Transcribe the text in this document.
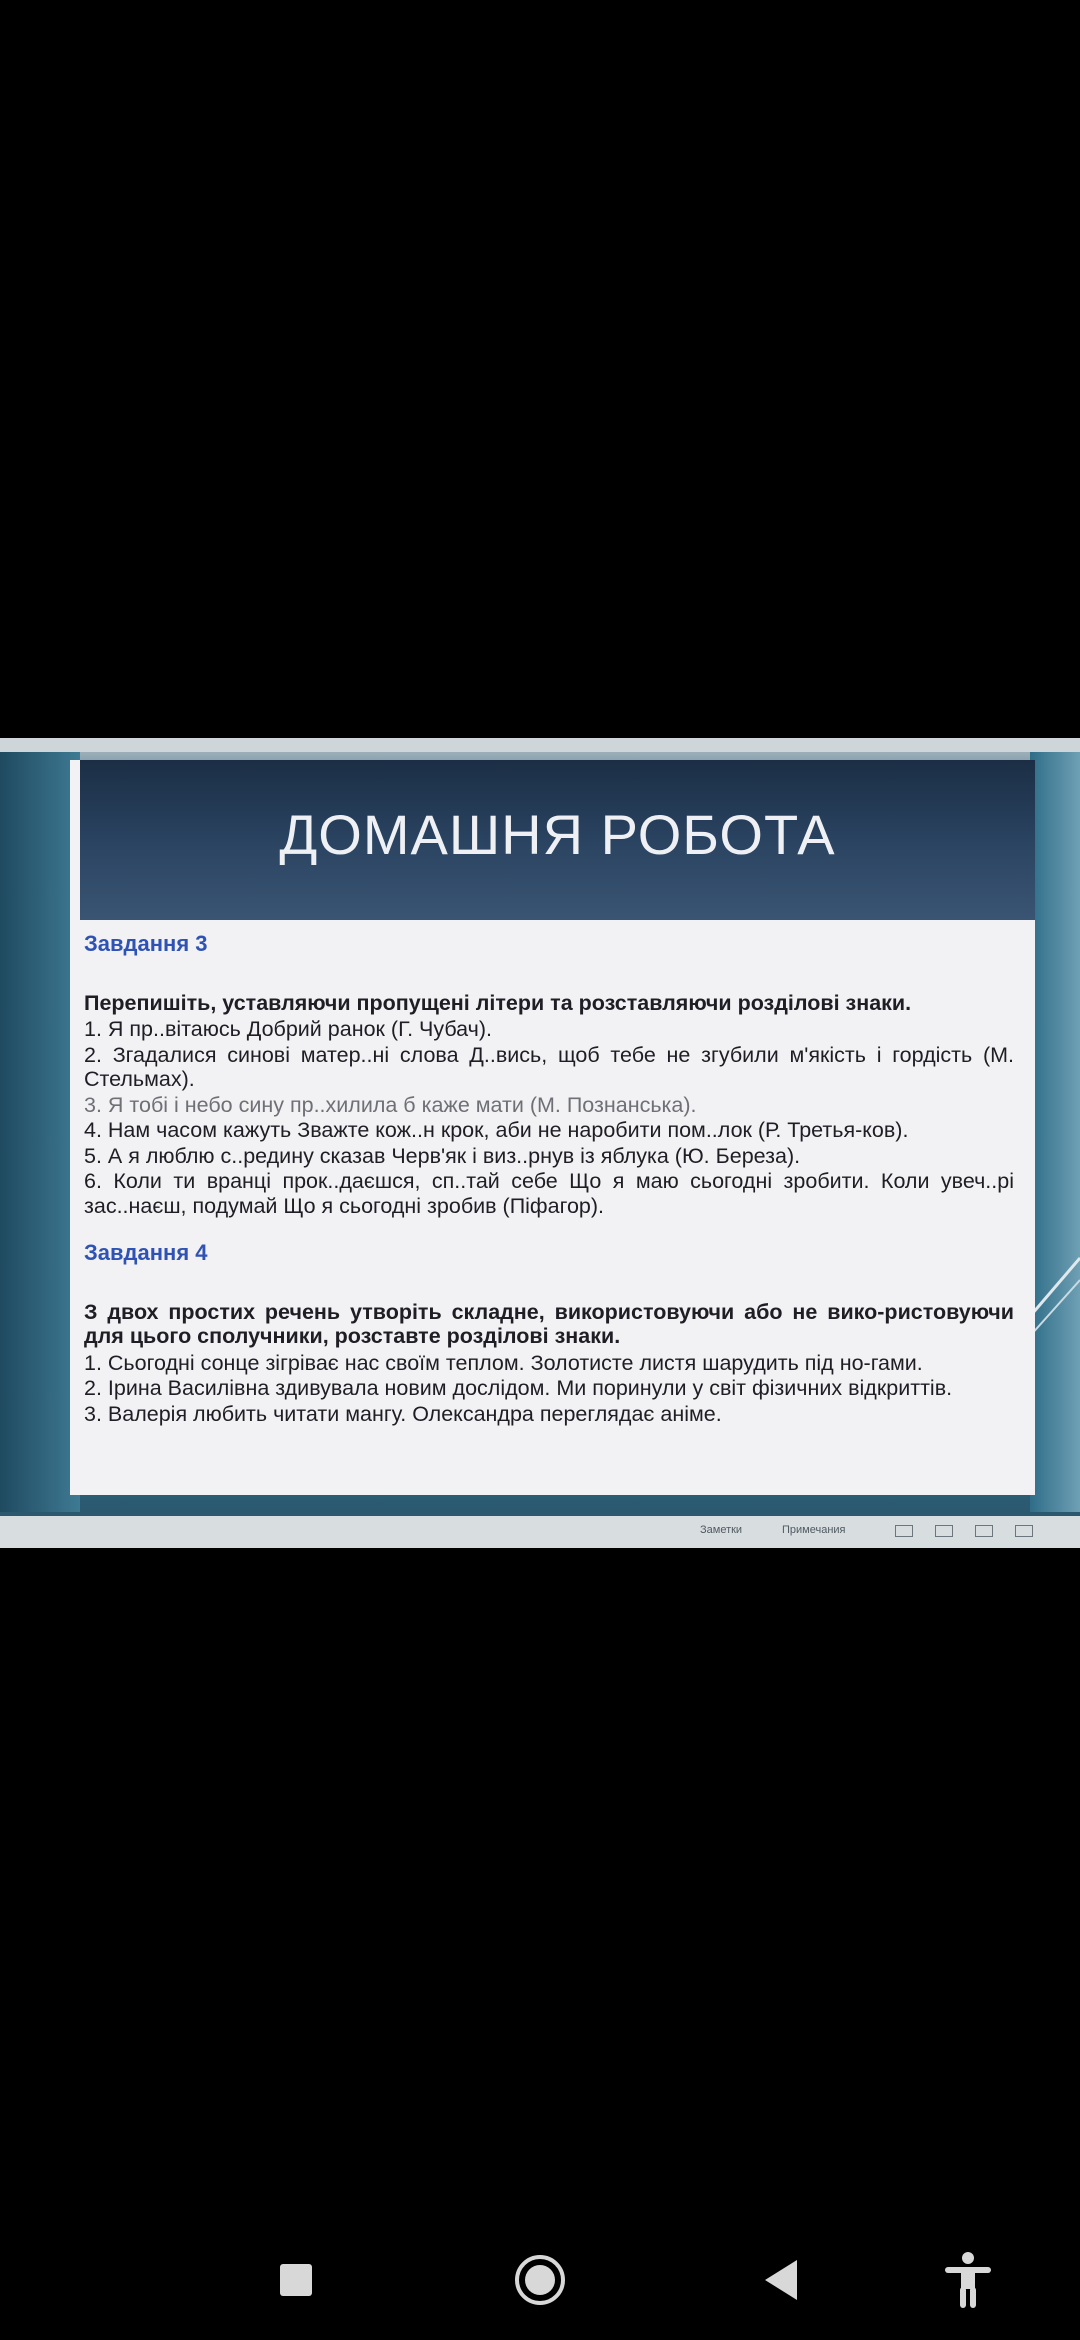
ДОМАШНЯ РОБОТА
Завдання 3
Перепишіть, уставляючи пропущені літери та розставляючи розділові знаки.
1. Я пр..вітаюсь Добрий ранок (Г. Чубач).
2. Згадалися синові матер..ні слова Д..вись, щоб тебе не згубили м'якість і гордість (М. Стельмах).
3. Я тобі і небо сину пр..хилила б каже мати (М. Познанська).
4. Нам часом кажуть Зважте кож..н крок, аби не наробити пом..лок (Р. Третья-ков).
5. А я люблю с..редину сказав Черв'як і виз..рнув із яблука (Ю. Береза).
6. Коли ти вранці прок..даєшся, сп..тай себе Що я маю сьогодні зробити. Коли увеч..рі зас..наєш, подумай Що я сьогодні зробив (Піфагор).
Завдання 4
З двох простих речень утворіть складне, використовуючи або не вико-ристовуючи для цього сполучники, розставте розділові знаки.
1. Сьогодні сонце зігріває нас своїм теплом. Золотисте листя шарудить під но-гами.
2. Ірина Василівна здивувала новим дослідом. Ми поринули у світ фізичних відкриттів.
3. Валерія любить читати мангу. Олександра переглядає аніме.
Заметки	Примечания
